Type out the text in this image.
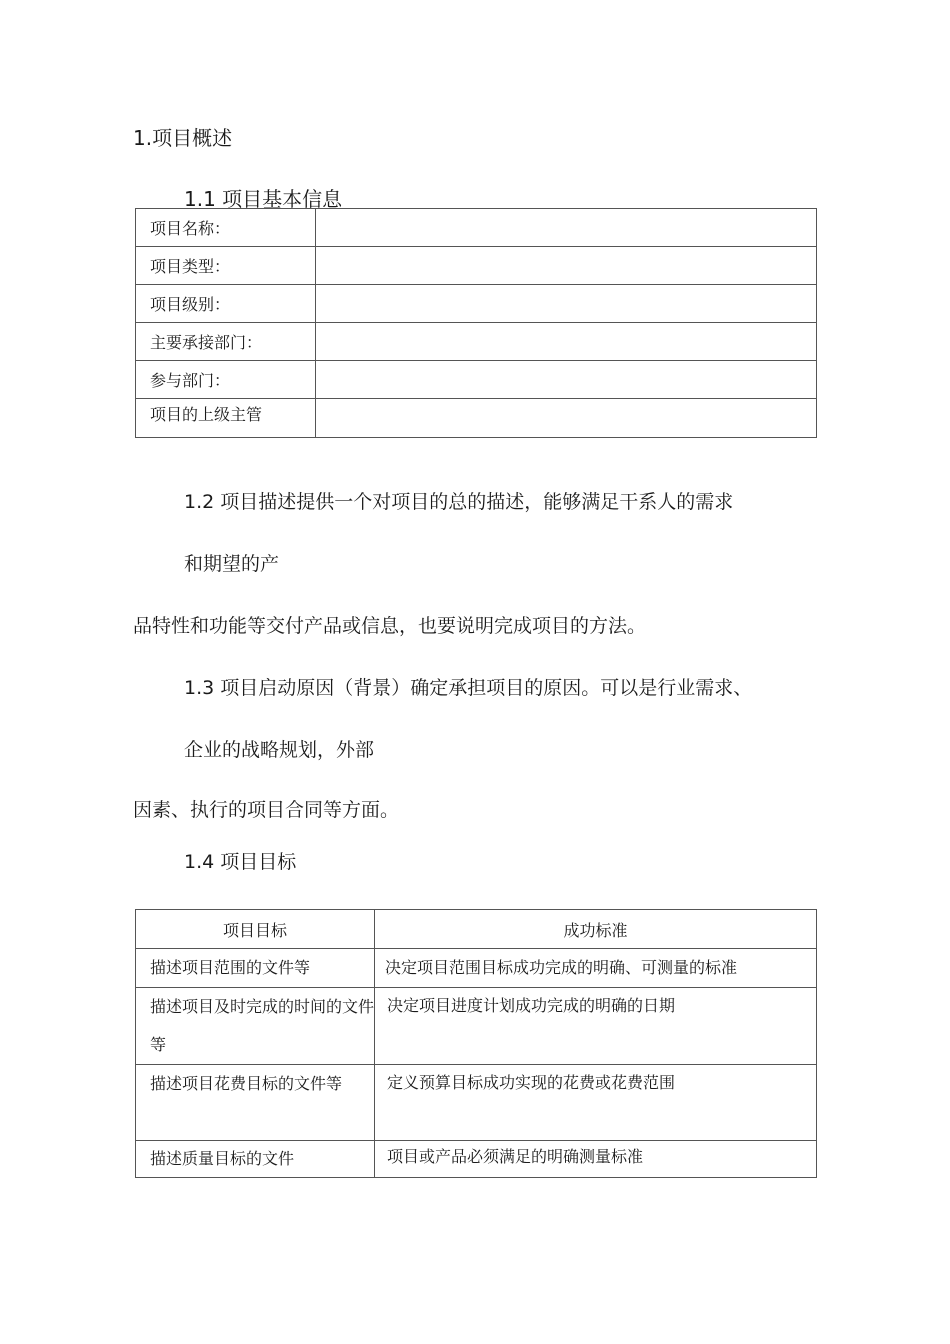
1.项目概述
1.1 项目基本信息
项目名称：	
项目类型：	
项目级别：	
主要承接部门：	
参与部门：	

项目的上级主管	

1.2 项目描述提供一个对项目的总的描述，能够满足干系人的需求
和期望的产
品特性和功能等交付产品或信息，也要说明完成项目的方法。
1.3 项目启动原因（背景）确定承担项目的原因。可以是行业需求、
企业的战略规划，外部
因素、执行的项目合同等方面。
1.4 项目目标
项目目标	成功标准
描述项目范围的文件等	决定项目范围目标成功完成的明确、可测量的标准
描述项目及时完成的时间的文件等	决定项目进度计划成功完成的明确的日期
描述项目花费目标的文件等	定义预算目标成功实现的花费或花费范围
描述质量目标的文件	项目或产品必须满足的明确测量标准
